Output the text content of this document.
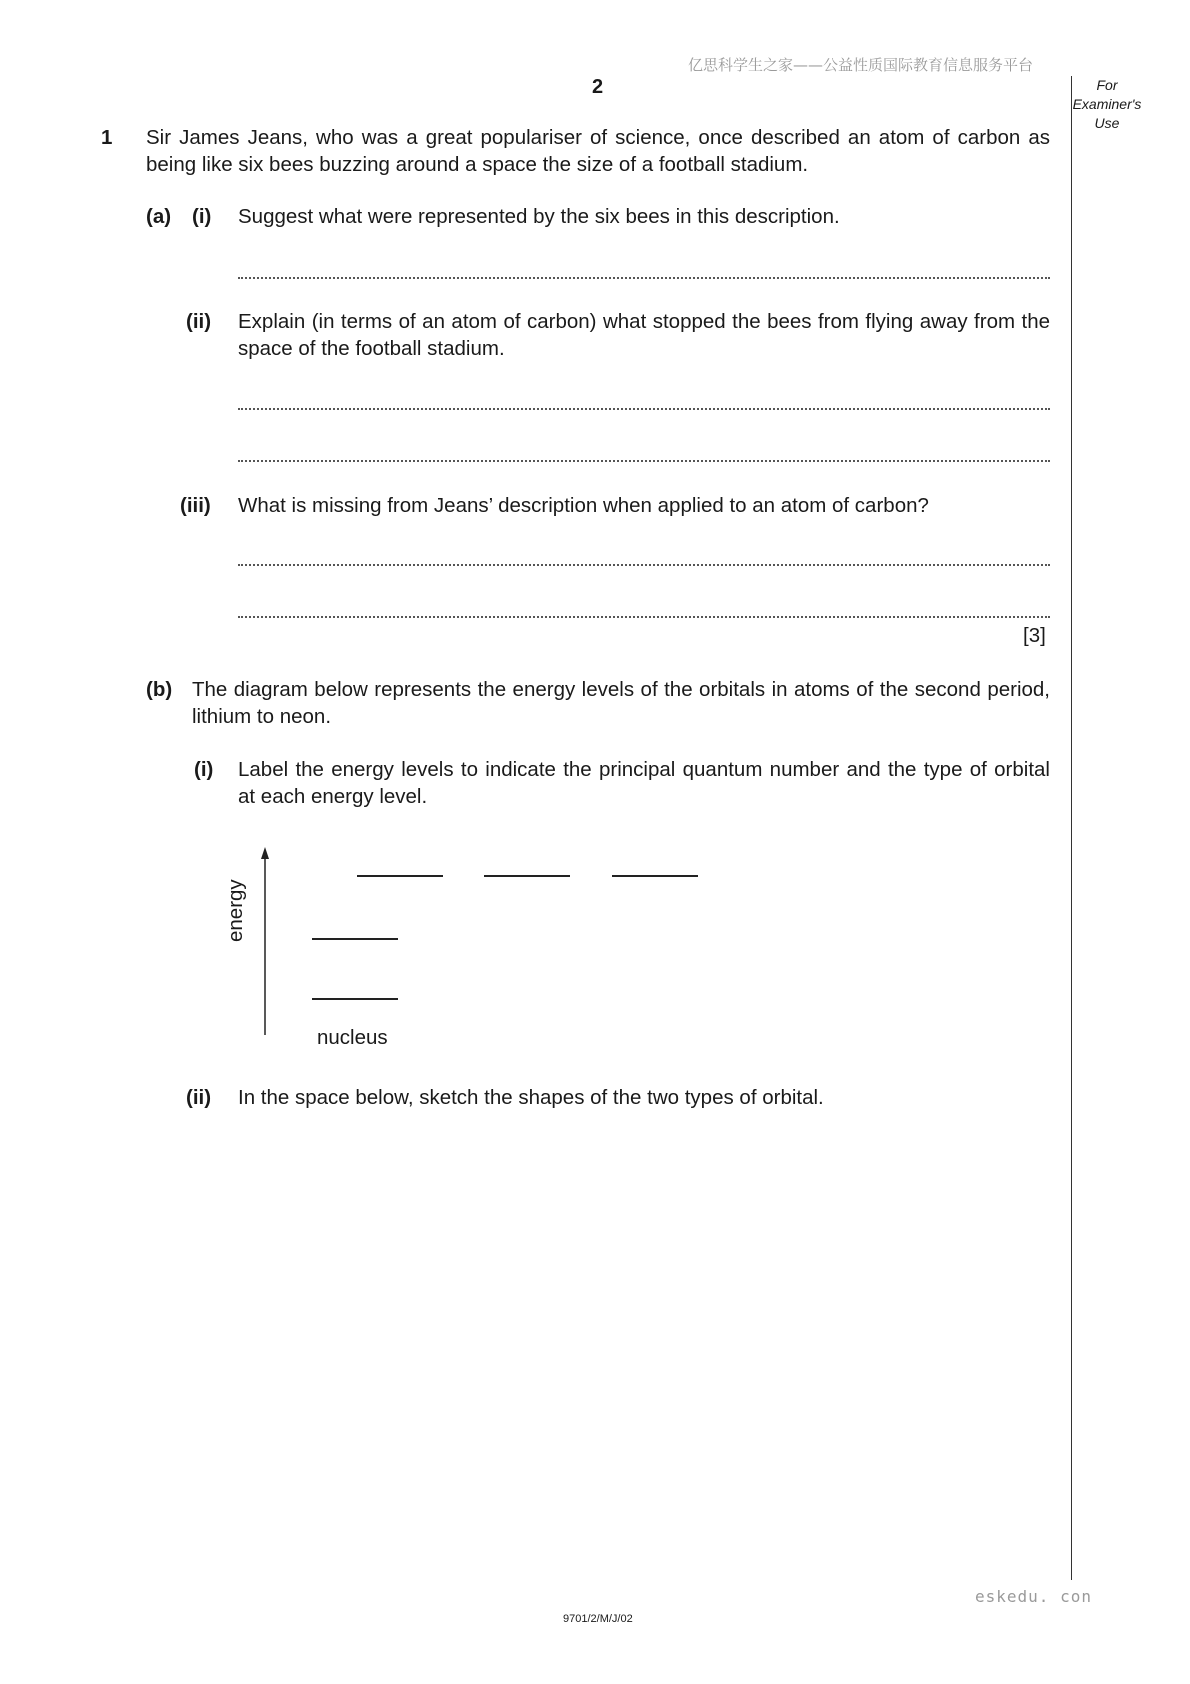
亿思科学生之家——公益性质国际教育信息服务平台
2	For
Examiner's
Use
1 Sir James Jeans, who was a great populariser of science, once described an atom of carbon as being like six bees buzzing around a space the size of a football stadium.
(a) (i) Suggest what were represented by the six bees in this description.
(ii) Explain (in terms of an atom of carbon) what stopped the bees from flying away from the space of the football stadium.
(iii) What is missing from Jeans’ description when applied to an atom of carbon?
[3]
(b) The diagram below represents the energy levels of the orbitals in atoms of the second period, lithium to neon.
(i) Label the energy levels to indicate the principal quantum number and the type of orbital at each energy level.
energy
nucleus
(ii) In the space below, sketch the shapes of the two types of orbital.
eskedu. con
9701/2/M/J/02
